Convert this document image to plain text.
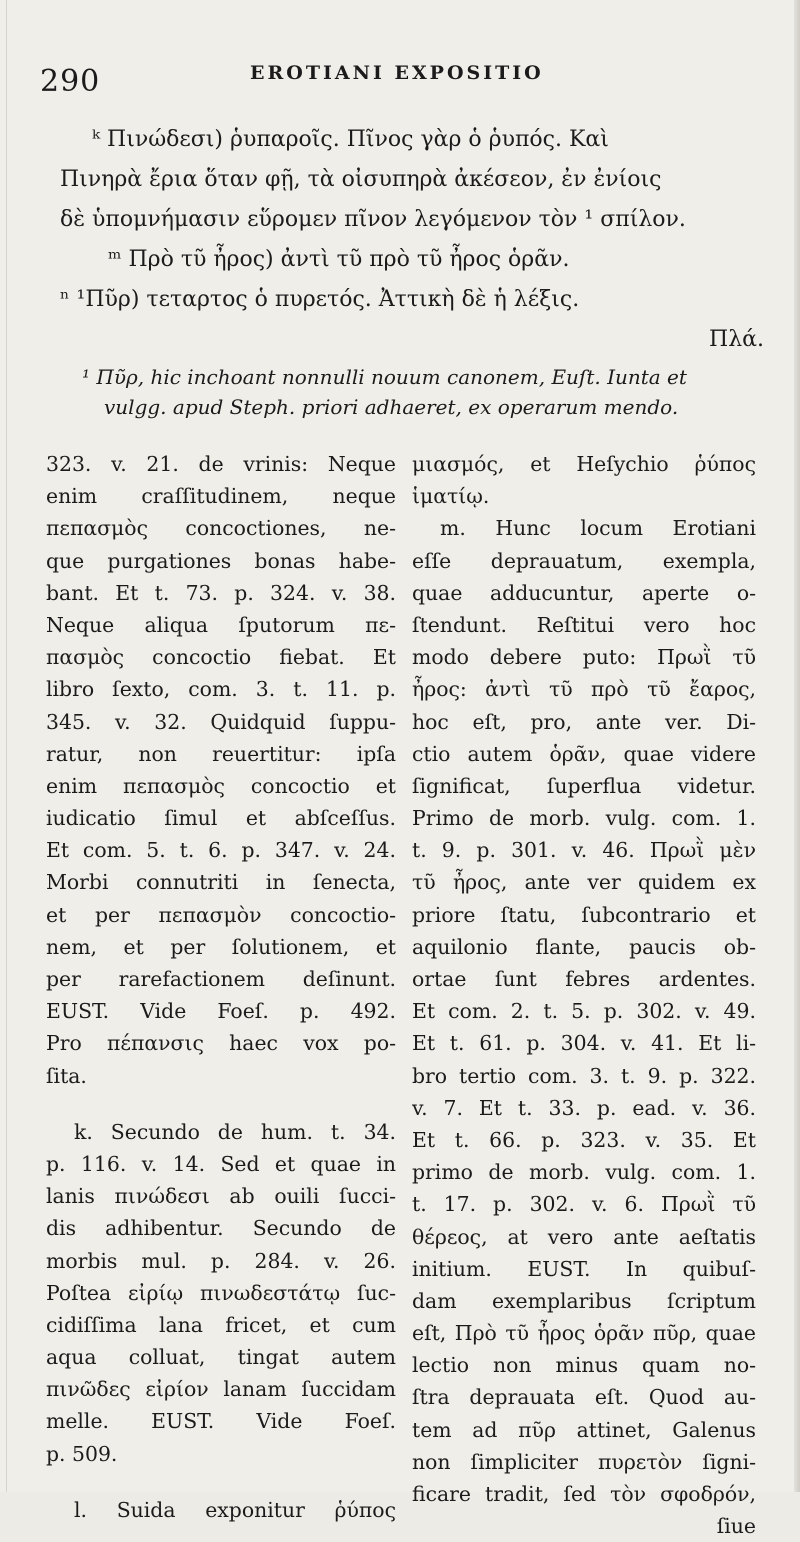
290	EROTIANI EXPOSITIO
ᵏ Πινώδεσι) ῥυπαροῖς. Πῖνος γὰρ ὁ ῥυπός. Καὶ
Πινηρὰ ἔρια ὅταν φῇ, τὰ οἰσυπηρὰ ἀκέσεον, ἐν ἐνίοις
δὲ ὑπομνήμασιν εὕρομεν πῖνον λεγόμενον τὸν ¹ σπίλον.
ᵐ Πρὸ τῦ ἦρος) ἀντὶ τῦ πρὸ τῦ ἦρος ὁρᾶν.
ⁿ ¹Πῦρ) τεταρτος ὁ πυρετός. Ἀττικὴ δὲ ἡ λέξις.
Πλά.
¹ Πῦρ, hic inchoant nonnulli nouum canonem, Euſt. Iunta et
vulgg. apud Steph. priori adhaeret, ex operarum mendo.
323. v. 21. de vrinis: Neque
enim craſſitudinem, neque
πεπασμὸς concoctiones, ne-
que purgationes bonas habe-
bant. Et t. 73. p. 324. v. 38.
Neque aliqua ſputorum πε-
πασμὸς concoctio fiebat. Et
libro ſexto, com. 3. t. 11. p.
345. v. 32. Quidquid ſuppu-
ratur, non reuertitur: ipſa
enim πεπασμὸς concoctio et
iudicatio ſimul et abſceſſus.
Et com. 5. t. 6. p. 347. v. 24.
Morbi connutriti in ſenecta,
et per πεπασμὸν concoctio-
nem, et per ſolutionem, et
per rarefactionem deſinunt.
EUST. Vide Foeſ. p. 492.
Pro πέπανσις haec vox po-
ſita.
k. Secundo de hum. t. 34.
p. 116. v. 14. Sed et quae in
lanis πινώδεσι ab ouili ſucci-
dis adhibentur. Secundo de
morbis mul. p. 284. v. 26.
Poſtea εἰρίῳ πινωδεστάτῳ ſuc-
cidiſſima lana fricet, et cum
aqua colluat, tingat autem
πινῶδες εἰρίον lanam ſuccidam
melle. EUST. Vide Foeſ.
p. 509.
l. Suida exponitur ῥύπος
μιασμός, et Heſychio ῥύπος
ἱματίῳ.
m. Hunc locum Erotiani
eſſe deprauatum, exempla,
quae adducuntur, aperte o-
ſtendunt. Reſtitui vero hoc
modo debere puto: Πρωῒ τῦ
ἦρος: ἀντὶ τῦ πρὸ τῦ ἔαρος,
hoc eſt, pro, ante ver. Di-
ctio autem ὁρᾶν, quae videre
ſignificat, ſuperflua videtur.
Primo de morb. vulg. com. 1.
t. 9. p. 301. v. 46. Πρωῒ μὲν
τῦ ἦρος, ante ver quidem ex
priore ſtatu, ſubcontrario et
aquilonio flante, paucis ob-
ortae ſunt febres ardentes.
Et com. 2. t. 5. p. 302. v. 49.
Et t. 61. p. 304. v. 41. Et li-
bro tertio com. 3. t. 9. p. 322.
v. 7. Et t. 33. p. ead. v. 36.
Et t. 66. p. 323. v. 35. Et
primo de morb. vulg. com. 1.
t. 17. p. 302. v. 6. Πρωῒ τῦ
θέρεος, at vero ante aeſtatis
initium. EUST. In quibuſ-
dam exemplaribus ſcriptum
eſt, Πρὸ τῦ ἦρος ὁρᾶν πῦρ, quae
lectio non minus quam no-
ſtra deprauata eſt. Quod au-
tem ad πῦρ attinet, Galenus
non ſimpliciter πυρετὸν ſigni-
ficare tradit, ſed τὸν σφοδρόν,
ſiue
